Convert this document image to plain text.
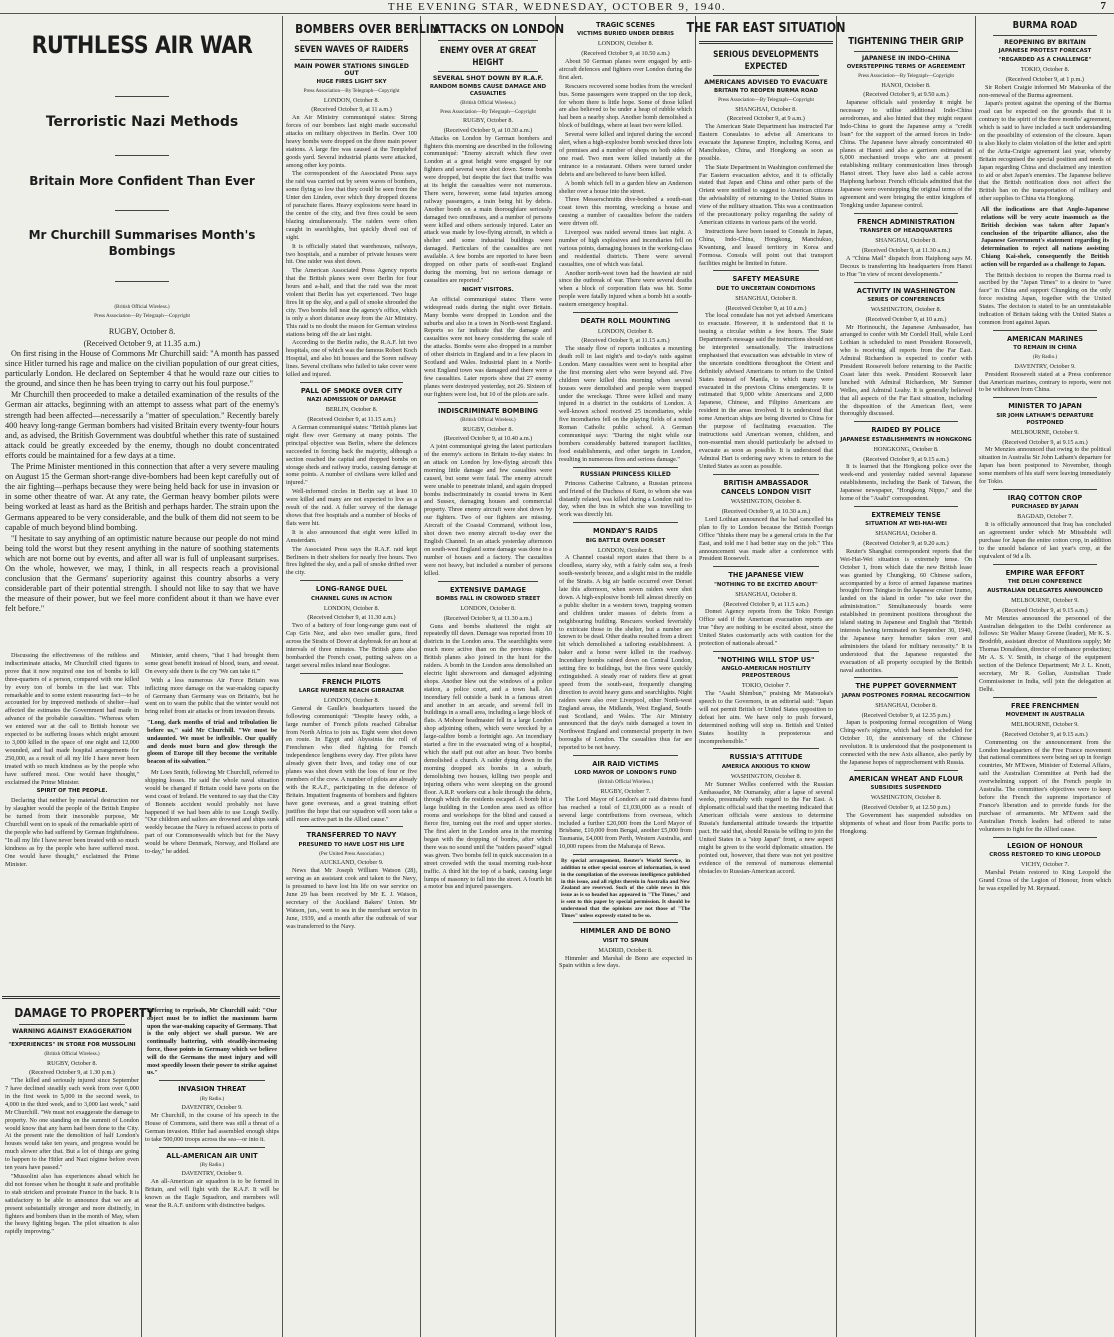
THE EVENING STAR, WEDNESDAY, OCTOBER 9, 1940.	7
RUTHLESS AIR WAR
Terroristic Nazi Methods
Britain More Confident Than Ever
Mr Churchill Summarises Month's Bombings
(British Official Wireless.)
Press Association—By Telegraph—Copyright
RUGBY, October 8.
(Received October 9, at 11.35 a.m.)
On first rising in the House of Commons Mr Churchill said: "A month has passed since Hitler turned his rage and malice on the civilian population of our great cities, particularly London. He declared on September 4 that he would raze our cities to the ground, and since then he has been trying to carry out his foul purpose."
Mr Churchill then proceeded to make a detailed examination of the results of the German air attacks, beginning with an attempt to assess what part of the enemy's strength had been affected—necessarily a "matter of speculation." Recently barely 400 heavy long-range German bombers had visited Britain every twenty-four hours and, as advised, the British Government was doubtful whether this rate of sustained attack could be greatly exceeded by the enemy, though no doubt concentrated efforts could be maintained for a few days at a time.
The Prime Minister mentioned in this connection that after a very severe mauling on August 15 the German short-range dive-bombers had been kept carefully out of the air fighting—perhaps because they were being held back for use in invasion or in some other theatre of war. At any rate, the German heavy bomber pilots were being worked at least as hard as the British and perhaps harder. The strain upon the Germans appeared to be very considerable, and the bulk of them did not seem to be capable of much beyond blind bombing.
"I hesitate to say anything of an optimistic nature because our people do not mind being told the worst but they resent anything in the nature of soothing statements which are not borne out by events, and after all war is full of unpleasant surprises. On the whole, however, we may, I think, in all respects reach a provisional conclusion that the Germans' superiority against this country absorbs a very considerable part of their potential strength. I should not like to say that we have the measure of their power, but we feel more confident about it than we have ever felt before."
Discussing the effectiveness of the ruthless and indiscriminate attacks, Mr Churchill cited figures to prove that it now required one ton of bombs to kill three-quarters of a person, compared with one killed by every ton of bombs in the last war. This remarkable and to some extent reassuring fact—to be accounted for by improved methods of shelter—had affected the estimates the Government had made in advance of the probable casualties. "Whereas when we entered war at the call to British honour we expected to be suffering losses which might amount to 3,000 killed in the space of one night and 12,000 wounded, and had made hospital arrangements for 250,000, as a result of all my life I have never been treated with so much kindness as by the people who have suffered most. One would have thought," exclaimed the Prime Minister.
SPIRIT OF THE PEOPLE.
Declaring that neither by material destruction nor by slaughter would the people of the British Empire be turned from their inexorable purpose, Mr Churchill went on to speak of the remarkable spirit of the people who had suffered by German frightfulness. "In all my life I have never been treated with so much kindness as by the people who have suffered most. One would have thought," exclaimed the Prime Minister.
Minister, amid cheers, "that I had brought them some great benefit instead of blood, tears, and sweat. On every side there is the cry 'We can take it.'"
With a less numerous Air Force Britain was inflicting more damage on the war-making capacity of Germany than Germany was on Britain's, but he went on to warn the public that the winter would not bring relief from air attacks or from invasion threats.
"Long, dark months of trial and tribulation lie before us," said Mr Churchill. "We must be undaunted. We must be inflexible. Our qualify and deeds must burn and glow through the gloom of Europe till they become the veritable beacon of its salvation."
Mr Loes Smith, following Mr Churchill, referred to shipping losses. He said the whole naval situation would be changed if Britain could have ports on the west coast of Ireland. He ventured to say that the City of Bonnets accident would probably not have happened if we had been able to use Lough Swilly. "Our children and sailors are drowned and ships sunk weekly because the Navy is refused access to ports of part of our Commonwealth which but for the Navy would be where Denmark, Norway, and Holland are to-day," he added.
DAMAGE TO PROPERTY
WARNING AGAINST EXAGGERATION
"EXPERIENCES" IN STORE FOR MUSSOLINI
(British Official Wireless.)
RUGBY, October 8.
(Received October 9, at 1.30 p.m.)
"The killed and seriously injured since September 7 have declined steadily each week from over 6,000 in the first week to 5,000 in the second week, to 4,000 in the third week, and to 3,000 last week," said Mr Churchill. "We must not exaggerate the damage to property. No one standing on the summit of London would know that any harm had been done to the City. At the present rate the demolition of half London's houses would take ten years, and progress would be much slower after that. But a lot of things are going to happen to the Hitler and Nazi régime before even ten years have passed."
"Mussolini also has experiences ahead which he did not foresee when he thought it safe and profitable to stab stricken and prostrate France in the back. It is satisfactory to be able to announce that we are at present substantially stronger and more distinctly, in fighters and bombers than in the month of May, when the heavy fighting began. The pilot situation is also rapidly improving."
Referring to reprisals, Mr Churchill said: "Our object must be to inflict the maximum harm upon the war-making capacity of Germany. That is the only object we shall pursue. We are continually battering, with steadily-increasing force, those points in Germany which we believe will do the Germans the most injury and will most speedily lessen their power to strike against us."
INVASION THREAT
(By Radio.)
DAVENTRY, October 9.
Mr Churchill, in the course of his speech in the House of Commons, said there was still a threat of a German invasion. Hitler had assembled enough ships to take 500,000 troops across the sea—or into it.
ALL-AMERICAN AIR UNIT
(By Radio.)
DAVENTRY, October 9.
An all-American air squadron is to be formed in Britain, and will fight with the R.A.F. It will be known as the Eagle Squadron, and members will wear the R.A.F. uniform with distinctive badges.
BOMBERS OVER BERLIN
SEVEN WAVES OF RAIDERS
MAIN POWER STATIONS SINGLED OUT
HUGE FIRES LIGHT SKY
Press Association—By Telegraph—Copyright
LONDON, October 8.
(Received October 9, at 11 a.m.)
An Air Ministry communiqué states: Strong forces of our bombers last night made successful attacks on military objectives in Berlin. Over 100 heavy bombs were dropped on the three main power stations. A large fire was caused at the Templehof goods yard. Several industrial plants were attacked, among other key points.
The correspondent of the Associated Press says the raid was carried out by seven waves of bombers, some flying so low that they could be seen from the Unter den Linden, over which they dropped dozens of parachute flares. Heavy explosions were heard in the centre of the city, and five fires could be seen blazing simultaneously. The raiders were often caught in searchlights, but quickly dived out of sight.
It is officially stated that warehouses, railways, two hospitals, and a number of private houses were hit. One raider was shot down.
The American Associated Press Agency reports that the British planes were over Berlin for four hours and a-half, and that the raid was the most violent that Berlin has yet experienced. Two huge fires lit up the sky, and a pall of smoke shrouded the city. Two bombs fell near the agency's office, which is only a short distance away from the Air Ministry. This raid is no doubt the reason for German wireless stations being off the air last night.
According to the Berlin radio, the R.A.F. hit two hospitals, one of which was the famous Robert Koch Hospital, and also hit houses and the Soren railway lines. Several civilians who failed to take cover were killed and injured.
PALL OF SMOKE OVER CITY
NAZI ADMISSION OF DAMAGE
BERLIN, October 8.
(Received October 9, at 11.15 a.m.)
A German communiqué states: "British planes last night flew over Germany at many points. The principal objective was Berlin, where the defences succeeded in forcing back the majority, although a section reached the capital and dropped bombs on storage sheds and railway trucks, causing damage at some points. A number of civilians were killed and injured."
Well-informed circles in Berlin say at least 10 were killed and many are not expected to live as a result of the raid. A fuller survey of the damage shows that five hospitals and a number of blocks of flats were hit.
It is also announced that eight were killed in Amsterdam.
The Associated Press says the R.A.F. raid kept Berliners in their shelters for nearly five hours. Two fires lighted the sky, and a pall of smoke drifted over the city.
LONG-RANGE DUEL
CHANNEL GUNS IN ACTION
LONDON, October 8.
(Received October 9, at 11.30 a.m.)
Two of a battery of four long-range guns east of Cap Gris Nez, and also two smaller guns, fired across the Straits of Dover at daybreak for an hour at intervals of three minutes. The British guns also bombarded the French coast, putting salvos on a target several miles inland near Boulogne.
FRENCH PILOTS
LARGE NUMBER REACH GIBRALTAR
LONDON, October 8.
General de Gaulle's headquarters issued the following communiqué: "Despite heavy odds, a large number of French pilots reached Gibraltar from North Africa to join us. Eight were shot down en route. In Egypt and Abyssinia the roll of Frenchmen who died fighting for French independence lengthens every day. Five pilots have already given their lives, and today one of our planes was shot down with the loss of four or five members of the crew. A number of pilots are already with the R.A.F., participating in the defence of Britain. Impatient fragments of bombers and fighters have gone overseas, and a great training effort justifies the hope that our squadron will soon take a still more active part in the Allied cause."
TRANSFERRED TO NAVY
PRESUMED TO HAVE LOST HIS LIFE
(Per United Press Association.)
AUCKLAND, October 9.
News that Mr Joseph William Watson (28), serving as an assistant cook and taken to the Navy, is presumed to have lost his life on war service on June 29 has been received by Mr E. J. Watson, secretary of the Auckland Bakers' Union. Mr Watson, jun., went to sea in the merchant service in June, 1939, and a month after the outbreak of war was transferred to the Navy.
ATTACKS ON LONDON
ENEMY OVER AT GREAT HEIGHT
SEVERAL SHOT DOWN BY R.A.F.
RANDOM BOMBS CAUSE DAMAGE AND CASUALTIES
(British Official Wireless.)
Press Association—By Telegraph—Copyright
RUGBY, October 8.
(Received October 9, at 10.30 a.m.)
Attacks on London by German bombers and fighters this morning are described in the following communiqué: "Enemy aircraft which flew over London at a great height were engaged by our fighters and several were shot down. Some bombs were dropped, but despite the fact that traffic was at its height the casualties were not numerous. There were, however, some fatal injuries among railway passengers, a train being hit by debris. Another bomb on a main thoroughfare seriously damaged two omnibuses, and a number of persons were killed and others seriously injured. Later an attack was made by low-flying aircraft, in which a shelter and some industrial buildings were damaged. Particulars of the casualties are not available. A few bombs are reported to have been dropped on other parts of south-east England during the morning, but no serious damage or casualties are reported."
NIGHT VISITORS.
An official communiqué states: There were widespread raids during the night over Britain. Many bombs were dropped in London and the suburbs and also in a town in North-west England. Reports so far indicate that the damage and casualties were not heavy considering the scale of the attacks. Bombs were also dropped in a number of other districts in England and in a few places in Scotland and Wales. Industrial plant in a North-west England town was damaged and there were a few casualties. Later reports show that 27 enemy planes were destroyed yesterday, not 26. Sixteen of our fighters were lost, but 10 of the pilots are safe.
INDISCRIMINATE BOMBING
(British Official Wireless.)
RUGBY, October 8.
(Received October 9, at 10.40 a.m.)
A joint communiqué giving the latest particulars of the enemy's actions in Britain to-day states: In an attack on London by low-flying aircraft this morning little damage and few casualties were caused, but some were fatal. The enemy aircraft were unable to penetrate inland, and again dropped bombs indiscriminately in coastal towns in Kent and Sussex, damaging houses and commercial property. Three enemy aircraft were shot down by our fighters. Two of our fighters are missing. Aircraft of the Coastal Command, without loss, shot down two enemy aircraft to-day over the English Channel. In an attack yesterday afternoon on south-west England some damage was done to a number of houses and a factory. The casualties were not heavy, but included a number of persons killed.
EXTENSIVE DAMAGE
BOMBS FALL IN CROWDED STREET
LONDON, October 8.
(Received October 9, at 11.30 a.m.)
Guns and bombs shattered the night air repeatedly till dawn. Damage was reported from 10 districts in the London area. The searchlights were much more active than on the previous nights. British planes also joined in the hunt for the raiders. A bomb in the London area demolished an electric light showroom and damaged adjoining shops. Another blew out the windows of a police station, a police court, and a town hall. An incendiary fell outside a bank in a famous street and another in an arcade, and several fell in buildings in a small area, including a large block of flats. A Mohoor headmaster fell in a large London shop adjoining others, which were wrecked by a large-calibre bomb a fortnight ago. An incendiary started a fire in the evacuated wing of a hospital, which the staff put out after an hour. Two bombs demolished a church. A raider dying down in the morning dropped six bombs in a suburb, demolishing two houses, killing two people and injuring others who were sleeping on the ground floor. A.R.P. workers cut a hole through the debris, through which the residents escaped. A bomb hit a large building in the London area used as office rooms and workshops for the blind and caused a fierce fire, turning out the roof and upper stories. The first alert in the London area in the morning began with the dropping of bombs, after which there was no sound until the "raiders passed" signal was given. Two bombs fell in quick succession in a street crowded with the usual morning rush-hour traffic. A third hit the top of a bank, causing large lumps of masonry to fall into the street. A fourth hit a motor bus and injured passengers.
TRAGIC SCENES
VICTIMS BURIED UNDER DEBRIS
LONDON, October 8.
(Received October 9, at 10.50 a.m.)
About 50 German planes were engaged by anti-aircraft defences and fighters over London during the first alert.
Rescuers recovered some bodies from the wrecked bus. Some passengers were trapped on the top deck, for whom there is little hope. Some of those killed are also believed to be under a heap of rubble which had been a nearby shop. Another bomb demolished a block of buildings, where at least two were killed.
Several were killed and injured during the second alert, when a high-explosive bomb wrecked three lots of premises and a number of shops on both sides of one road. Two men were killed instantly at the entrance to a restaurant. Others were turned under debris and are believed to have been killed.
A bomb which fell in a garden blew an Anderson shelter over a house into the street.
Three Messerschmitts dive-bombed a south-east coast town this morning, wrecking a house and causing a number of casualties before the raiders were driven off.
Liverpool was raided several times last night. A number of high explosives and incendiaries fell on various points, damaging houses in the working-class and residential districts. There were several casualties, one of which was fatal.
Another north-west town had the heaviest air raid since the outbreak of war. There were several deaths when a block of corporation flats was hit. Some people were fatally injured when a bomb hit a south-eastern emergency hospital.
DEATH ROLL MOUNTING
LONDON, October 8.
(Received October 9, at 11.15 a.m.)
The steady flow of reports indicates a mounting death roll in last night's and to-day's raids against London. Many casualties were sent to hospital after the first morning alert who were beyond aid. Five children were killed this morning when several houses were demolished and people were trapped under the wreckage. Three were killed and many injured in a district in the outskirts of London. A well-known school received 25 incendiaries, while five incendiaries fell on the playing fields of a noted Roman Catholic public school. A German communiqué says: "During the night while our bombers considerably battered transport facilities, food establishments, and other targets in London, resulting in numerous fires and serious damage."
RUSSIAN PRINCESS KILLED
Princess Catherine Caltrano, a Russian princess and friend of the Duchess of Kent, to whom she was distantly related, was killed during a London raid to-day, when the bus in which she was travelling to work was directly hit.
MONDAY'S RAIDS
BIG BATTLE OVER DORSET
LONDON, October 8.
A Channel coastal report states that there is a cloudless, starry sky, with a fairly calm sea, a fresh south-westerly breeze, and a slight mist in the middle of the Straits. A big air battle occurred over Dorset late this afternoon, when seven raiders were shot down. A high-explosive bomb fell almost directly on a public shelter in a western town, trapping women and children under masses of debris from a neighbouring building. Rescuers worked feverishly to extricate those in the shelter, but a number are known to be dead. Other deaths resulted from a direct hit which demolished a tailoring establishment. A baker and a horse were killed in the roadway. Incendiary bombs rained down on Central London, setting fire to buildings, but the fires were quickly extinguished. A steady roar of raiders flew at great speed from the south-east, frequently changing direction to avoid heavy guns and searchlights. Night raiders were also over Liverpool, other North-west England areas, the Midlands, West England, South-east Scotland, and Wales. The Air Ministry announced that the day's raids damaged a town in Northwest England and commercial property in two boroughs of London. The casualties thus far are reported to be not heavy.
AIR RAID VICTIMS
LORD MAYOR OF LONDON'S FUND
(British Official Wireless.)
RUGBY, October 7.
The Lord Mayor of London's air raid distress fund has reached a total of £1,030,000 as a result of several large contributions from overseas, which included a further £20,000 from the Lord Mayor of Brisbane, £10,000 from Bengal, another £5,000 from Tasmania, £4,000 from Perth, Western Australia, and 10,000 rupees from the Maharaja of Rewa.
By special arrangement, Reuter's World Service, in addition to other special sources of information, is used in the compilation of the overseas intelligence published in this issue, and all rights therein in Australia and New Zealand are reserved. Such of the cable news in this issue as is so headed has appeared in "The Times," and is sent to this paper by special permission. It should be understood that the opinions are not those of "The Times" unless expressly stated to be so.
HIMMLER AND DE BONO
VISIT TO SPAIN
MADRID, October 8.
Himmler and Marshal de Bono are expected in Spain within a few days.
THE FAR EAST SITUATION
SERIOUS DEVELOPMENTS EXPECTED
AMERICANS ADVISED TO EVACUATE
BRITAIN TO REOPEN BURMA ROAD
Press Association—By Telegraph—Copyright
SHANGHAI, October 8.
(Received October 9, at 9 a.m.)
The American State Department has instructed Far Eastern Consulates to advise all Americans to evacuate the Japanese Empire, including Korea, and Manchukuo, China, and Hongkong as soon as possible.
The State Department in Washington confirmed the Far Eastern evacuation advice, and it is officially stated that Japan and China and other parts of the Orient were notified to suggest to American citizens the advisability of returning to the United States in view of the military situation. This was a continuation of the precautionary policy regarding the safety of American citizens in various parts of the world.
Instructions have been issued to Consuls in Japan, China, Indo-China, Hongkong, Manchukuo, Kwantung, and leased territory in Korea and Formosa. Consuls will point out that transport facilities might be limited in future.
SAFETY MEASURE
DUE TO UNCERTAIN CONDITIONS
SHANGHAI, October 8.
(Received October 9, at 10 a.m.)
The local consulate has not yet advised Americans to evacuate. However, it is understood that it is issuing a circular within a few hours. The State Department's message said the instructions should not be interpreted sensationally. The instructions emphasised that evacuation was advisable in view of the uncertain conditions throughout the Orient and definitely advised Americans to return to the United States instead of Manila, to which many were evacuated in the previous China emergencies. It is estimated that 9,000 white Americans and 2,000 Japanese, Chinese, and Filipino Americans are resident in the areas involved. It is understood that some American ships are being diverted to China for the purpose of facilitating evacuation. The instructions said American women, children, and non-essential men should particularly be advised to evacuate as soon as possible. It is understood that Admiral Hart is ordering navy wives to return to the United States as soon as possible.
BRITISH AMBASSADOR CANCELS LONDON VISIT
WASHINGTON, October 8.
(Received October 9, at 10.30 a.m.)
Lord Lothian announced that he had cancelled his plan to fly to London because the British Foreign Office "thinks there may be a general crisis in the Far East, and told me I had better stay on the job." This announcement was made after a conference with President Roosevelt.
THE JAPANESE VIEW
"NOTHING TO BE EXCITED ABOUT"
SHANGHAI, October 8.
(Received October 9, at 11.5 a.m.)
Domei Agency reports from the Tokio Foreign Office said if the American evacuation reports are true "they are nothing to be excited about, since the United States customarily acts with caution for the protection of nationals abroad."
"NOTHING WILL STOP US"
ANGLO-AMERICAN HOSTILITY PREPOSTEROUS
TOKIO, October 7.
The "Asahi Shimbun," praising Mr Matsuoka's speech to the Governors, in an editorial said: "Japan will not permit British or United States opposition to defeat her aim. We have only to push forward, determined nothing will stop us. British and United States hostility is preposterous and incomprehensible."
RUSSIA'S ATTITUDE
AMERICA ANXIOUS TO KNOW
WASHINGTON, October 8.
Mr Sumner Welles conferred with the Russian Ambassador, Mr Oumansky, after a lapse of several weeks, presumably with regard to the Far East. A diplomatic official said that the meeting indicated that American officials were anxious to determine Russia's fundamental attitude towards the tripartite pact. He said that, should Russia be willing to join the United States in a "stop Japan" front, a new aspect might be given to the world diplomatic situation. He pointed out, however, that there was not yet positive evidence of the removal of numerous elemental obstacles to Russian-American accord.
TIGHTENING THEIR GRIP
JAPANESE IN INDO-CHINA
OVERSTEPPING TERMS OF AGREEMENT
Press Association—By Telegraph—Copyright
HANOI, October 8.
(Received October 9, at 9.50 a.m.)
Japanese officials said yesterday it might be necessary to utilise additional Indo-China aerodromes, and also hinted that they might request Indo-China to grant the Japanese army a "credit loan" for the support of the armed forces in Indo-China. The Japanese have already concentrated 40 planes at Hanoi and also a garrison estimated at 6,000 mechanised troops who are at present establishing military communication lines through Hanoi street. They have also laid a cable across Haiphong harbour. French officials admitted that the Japanese were overstepping the original terms of the agreement and were bringing the entire kingdom of Tongking under Japanese control.
FRENCH ADMINISTRATION
TRANSFER OF HEADQUARTERS
SHANGHAI, October 8.
(Received October 9, at 11.30 a.m.)
A "China Mail" dispatch from Haiphong says M. Decoux is transferring his headquarters from Hanoi to Hue "in view of recent developments."
ACTIVITY IN WASHINGTON
SERIES OF CONFERENCES
WASHINGTON, October 8.
(Received October 9, at 10 a.m.)
Mr Horinouchi, the Japanese Ambassador, has arranged to confer with Mr Cordell Hull, while Lord Lothian is scheduled to meet President Roosevelt, who is receiving all reports from the Far East. Admiral Richardson is expected to confer with President Roosevelt before returning to the Pacific Coast later this week. President Roosevelt later lunched with Admiral Richardson, Mr Sumner Welles, and Admiral Leahy. It is generally believed that all aspects of the Far East situation, including the disposition of the American fleet, were thoroughly discussed.
RAIDED BY POLICE
JAPANESE ESTABLISHMENTS IN HONGKONG
HONGKONG, October 8.
(Received October 9, at 9.15 a.m.)
It is learned that the Hongkong police over the week-end and yesterday raided several Japanese establishments, including the Bank of Taiwan, the Japanese newspaper, "Hongkong Nippo," and the home of the "Asahi" correspondent.
EXTREMELY TENSE
SITUATION AT WEI-HAI-WEI
SHANGHAI, October 8.
(Received October 9, at 9.20 a.m.)
Reuter's Shanghai correspondent reports that the Wei-Hai-Wei situation is extremely tense. On October 1, from which date the new British lease was granted by Chungking, 60 Chinese sailors, accompanied by a force of armed Japanese marines brought from Tsingtao in the Japanese cruiser Izumo, landed on the island in order "to take over the administration." Simultaneously boards were established in prominent positions throughout the island stating in Japanese and English that "British interests having terminated on September 30, 1940, the Japanese navy hereafter takes over and administers the island for military necessity." It is understood that the Japanese requested the evacuation of all property occupied by the British naval authorities.
THE PUPPET GOVERNMENT
JAPAN POSTPONES FORMAL RECOGNITION
SHANGHAI, October 8.
(Received October 9, at 12.35 p.m.)
Japan is postponing formal recognition of Wang Ching-wei's régime, which had been scheduled for October 10, the anniversary of the Chinese revolution. It is understood that the postponement is connected with the new Axis alliance, also partly by the Japanese hopes of rapprochement with Russia.
AMERICAN WHEAT AND FLOUR
SUBSIDIES SUSPENDED
WASHINGTON, October 8.
(Received October 9, at 12.50 p.m.)
The Government has suspended subsidies on shipments of wheat and flour from Pacific ports to Hongkong.
BURMA ROAD
REOPENING BY BRITAIN
JAPANESE PROTEST FORECAST
"REGARDED AS A CHALLENGE"
TOKIO, October 8.
(Received October 9, at 1 p.m.)
Sir Robert Craigie informed Mr Matsuoka of the non-renewal of the Burma agreement.
Japan's protest against the opening of the Burma road can be expected on the grounds that it is contrary to the spirit of the three months' agreement, which is said to have included a tacit understanding on the possibility of extension of the closure. Japan is also likely to claim violation of the letter and spirit of the Arita-Craigie agreement last year, whereby Britain recognised the special position and needs of Japan regarding China and disclaimed any intention to aid or abet Japan's enemies. The Japanese believe that the British notification does not affect the British ban on the transportation of military and other supplies to China via Hongkong.
All the indications are that Anglo-Japanese relations will be very acute inasmuch as the British decision was taken after Japan's conclusion of the tripartite alliance, also the Japanese Government's statement regarding its determination to reject all nations assisting Chiang Kai-shek, consequently the British action will be regarded as a challenge to Japan.
The British decision to reopen the Burma road is ascribed by the "Japan Times" to a desire to "save face" in China and support Chungking on the only force resisting Japan, together with the United States. The decision is stated to be an unmistakable indication of Britain taking with the United States a common front against Japan.
AMERICAN MARINES
TO REMAIN IN CHINA
(By Radio.)
DAVENTRY, October 9.
President Roosevelt stated at a Press conference that American marines, contrary to reports, were not to be withdrawn from China.
MINISTER TO JAPAN
SIR JOHN LATHAM'S DEPARTURE POSTPONED
MELBOURNE, October 9.
(Received October 9, at 9.15 a.m.)
Mr Menzies announced that owing to the political situation in Australia Sir John Latham's departure for Japan has been postponed to November, though some members of his staff were leaving immediately for Tokio.
IRAQ COTTON CROP
PURCHASED BY JAPAN
BAGDAD, October 7.
It is officially announced that Iraq has concluded an agreement under which Mr Mitsubishi will purchase for Japan the entire cotton crop, in addition to the unsold balance of last year's crop, at the equivalent of 9d a lb.
EMPIRE WAR EFFORT
THE DELHI CONFERENCE
AUSTRALIAN DELEGATES ANNOUNCED
MELBOURNE, October 9.
(Received October 9, at 9.15 a.m.)
Mr Menzies announced the personnel of the Australian delegation to the Delhi conference as follows: Sir Walter Massy Greene (leader), Mr K. S. Brodribb, assistant director of Munitions supply; Mr Thomas Donaldson, director of ordnance production; Mr A. S. V. Smith, in charge of the equipment section of the Defence Department; Mr J. L. Knott, secretary, Mr R. Gollan, Australian Trade Commissioner in India, will join the delegation at Delhi.
FREE FRENCHMEN
MOVEMENT IN AUSTRALIA
MELBOURNE, October 9.
(Received October 9, at 9.15 a.m.)
Commenting on the announcement from the London headquarters of the Free France movement that national committees were being set up in foreign countries, Mr M'Ewen, Minister of External Affairs, said the Australian Committee at Perth had the overwhelming support of the French people in Australia. The committee's objectives were to keep before the French the supreme importance of France's liberation and to provide funds for the purchase of armaments. Mr M'Ewen said the Australian French leaders had offered to raise volunteers to fight for the Allied cause.
LEGION OF HONOUR
CROSS RESTORED TO KING LEOPOLD
VICHY, October 7.
Marshal Petain restored to King Leopold the Grand Cross of the Legion of Honour, from which he was expelled by M. Reynaud.
